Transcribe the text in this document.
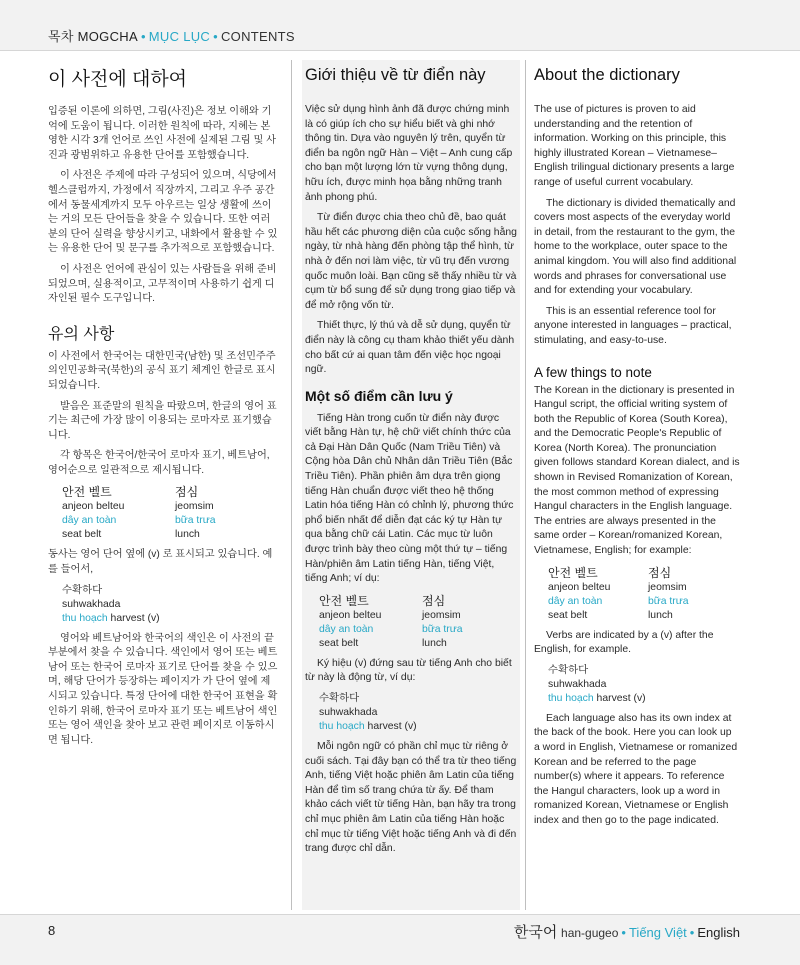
목차 MOGCHA • MỤC LỤC • CONTENTS
이 사전에 대하여

입증된 이론에 의하면, 그림(사진)은 정보 이해와 기억에 도움이 됩니다. 이러한 원칙에 따라, 지혜는 본 영한 시각 3개 언어로 쓰인 사전에 실제된 그림 및 사진과 광범위하고 유용한 단어를 포함했습니다.

이 사전은 주제에 따라 구성되어 있으며, 식당에서 헬스클럽까지, 가정에서 직장까지, 그리고 우주 공간에서 동물세계까지 모두 아우르는 일상 생활에 쓰이는 거의 모든 단어들을 찾을 수 있습니다. 또한 여러분의 단어 실력을 향상시키고, 내화에서 활용할 수 있는 유용한 단어 및 문구를 추가적으로 포함했습니다.

이 사전은 언어에 관심이 있는 사람들을 위해 준비되었으며, 실용적이고, 고무적이며 사용하기 쉽게 디자인된 필수 도구입니다.

유의 사항

이 사전에서 한국어는 대한민국(남한) 및 조선민주주의인민공화국(북한)의 공식 표기 체계인 한글로 표시되었습니다.

발음은 표준말의 원칙을 따랐으며, 한글의 영어 표기는 최근에 가장 많이 이용되는 로마자로 표기했습니다.

각 항목은 한국어/한국어 로마자 표기, 베트남어, 영어순으로 일관적으로 제시됩니다.

안전 벨트	점심
anjeon belteu	jeomsim
dây an toàn	bữa trưa
seat belt	lunch

동사는 영어 단어 옆에 (v) 로 표시되고 있습니다. 예를 들어서,

수확하다
suhwakhada
thu hoạch harvest (v)

영어와 베트남어와 한국어의 색인은 이 사전의 끝 부분에서 찾을 수 있습니다. 색인에서 영어 또는 베트남어 또는 한국어 로마자 표기로 단어를 찾을 수 있으며, 해당 단어가 등장하는 페이지가 가 단어 옆에 제시되고 있습니다. 특정 단어에 대한 한국어 표현을 확인하기 위해, 한국어 로마자 표기 또는 베트남어 색인 또는 영어 색인을 찾아 보고 관련 페이지로 이동하시면 됩니다.

Giới thiệu về từ điển này

Việc sử dụng hình ảnh đã được chứng minh là có giúp ích cho sự hiểu biết và ghi nhớ thông tin. Dựa vào nguyên lý trên, quyển từ điển ba ngôn ngữ Hàn – Việt – Anh cung cấp cho bạn một lượng lớn từ vựng thông dụng, hữu ích, được minh họa bằng những tranh ảnh phong phú.

Từ điển được chia theo chủ đề, bao quát hầu hết các phương diện của cuộc sống hằng ngày, từ nhà hàng đến phòng tập thể hình, từ nhà ở đến nơi làm việc, từ vũ trụ đến vương quốc muôn loài. Bạn cũng sẽ thấy nhiều từ và cụm từ bổ sung để sử dụng trong giao tiếp và để mở rộng vốn từ.

Thiết thực, lý thú và dễ sử dụng, quyển từ điển này là công cụ tham khảo thiết yếu dành cho bất cứ ai quan tâm đến việc học ngoại ngữ.

Một số điểm cần lưu ý

Tiếng Hàn trong cuốn từ điển này được viết bằng Hàn tự, hệ chữ viết chính thức của cả Đại Hàn Dân Quốc (Nam Triều Tiên) và Cộng hòa Dân chủ Nhân dân Triều Tiên (Bắc Triều Tiên). Phần phiên âm dựa trên giọng tiếng Hàn chuẩn được viết theo hệ thống Latin hóa tiếng Hàn có chỉnh lý, phương thức phổ biến nhất để diễn đạt các ký tự Hàn tự qua bằng chữ cái Latin. Các mục từ luôn được trình bày theo cùng một thứ tự – tiếng Hàn/phiên âm Latin tiếng Hàn, tiếng Việt, tiếng Anh; ví dụ:

안전 벨트	점심
anjeon belteu	jeomsim
dây an toàn	bữa trưa
seat belt	lunch

Ký hiệu (v) đứng sau từ tiếng Anh cho biết từ này là động từ, ví dụ:

수확하다
suhwakhada
thu hoạch harvest (v)

Mỗi ngôn ngữ có phần chỉ mục từ riêng ở cuối sách. Tại đây bạn có thể tra từ theo tiếng Anh, tiếng Việt hoặc phiên âm Latin của tiếng Hàn để tìm số trang chứa từ ấy. Để tham khảo cách viết từ tiếng Hàn, bạn hãy tra trong chỉ mục phiên âm Latin của tiếng Hàn hoặc chỉ mục từ tiếng Việt hoặc tiếng Anh và đi đến trang được chỉ dẫn.

About the dictionary

The use of pictures is proven to aid understanding and the retention of information. Working on this principle, this highly illustrated Korean – Vietnamese–English trilingual dictionary presents a large range of useful current vocabulary.

The dictionary is divided thematically and covers most aspects of the everyday world in detail, from the restaurant to the gym, the home to the workplace, outer space to the animal kingdom. You will also find additional words and phrases for conversational use and for extending your vocabulary.

This is an essential reference tool for anyone interested in languages – practical, stimulating, and easy-to-use.

A few things to note

The Korean in the dictionary is presented in Hangul script, the official writing system of both the Republic of Korea (South Korea), and the Democratic People's Republic of Korea (North Korea). The pronunciation given follows standard Korean dialect, and is shown in Revised Romanization of Korean, the most common method of expressing Hangul characters in the English language. The entries are always presented in the same order – Korean/romanized Korean, Vietnamese, English; for example:

안전 벨트	점심
anjeon belteu	jeomsim
dây an toàn	bữa trưa
seat belt	lunch

Verbs are indicated by a (v) after the English, for example.

수확하다
suhwakhada
thu hoạch harvest (v)

Each language also has its own index at the back of the book. Here you can look up a word in English, Vietnamese or romanized Korean and be referred to the page number(s) where it appears. To reference the Hangul characters, look up a word in romanized Korean, Vietnamese or English index and then go to the page indicated.

8	한국어 han-gugeo • Tiếng Việt • English
